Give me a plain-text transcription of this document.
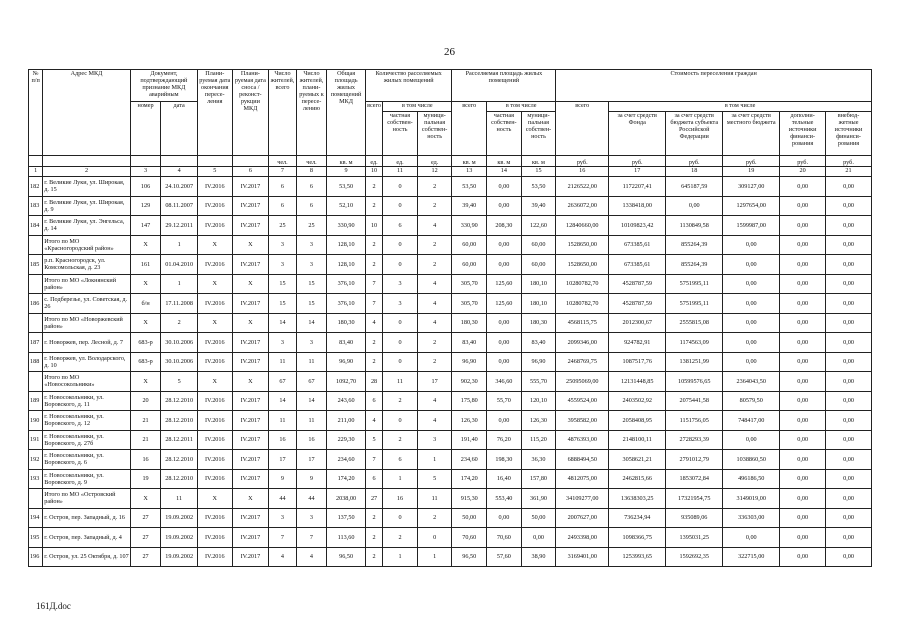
26
№ п/п	Адрес МКД	Документ, подтверждающий признание МКД аварийным		Плани- руемая дата окончания пересе- ления	Плани- руемая дата сноса / реконст- рукции МКД	Число жителей, всего	Число жителей, плани- руемых к пересе- лению	Общая площадь жилых помещений МКД	Количество расселяемых жилых помещений			Расселяемая площадь жилых помещений			Стоимость переселения граждан					
		номер	дата						всего	в том числе		всего	в том числе		всего	в том числе				
										частная собствен- ность	муници- пальная собствен- ность		частная собствен- ность	муници- пальная собствен- ность		за счет средств Фонда	за счет средств бюджета субъекта Российской Федерации	за счет средств местного бюджета	дополни- тельные источники финанси- рования	внебюд- жетные источники финанси- рования
						чел.	чел.	кв. м	ед.	ед.	ед.	кв. м	кв. м	кв. м	руб.	руб.	руб.	руб.	руб.	руб.
1	2	3	4	5	6	7	8	9	10	11	12	13	14	15	16	17	18	19	20	21
182	г. Великие Луки, ул. Широкая, д. 15	106	24.10.2007	IV.2016	IV.2017	6	6	53,50	2	0	2	53,50	0,00	53,50	2126522,00	1172207,41	645187,59	309127,00	0,00	0,00
183	г. Великие Луки, ул. Широкая, д. 9	129	08.11.2007	IV.2016	IV.2017	6	6	52,10	2	0	2	39,40	0,00	39,40	2636072,00	1338418,00	0,00	1297654,00	0,00	0,00
184	г. Великие Луки, ул. Энгельса, д. 14	147	29.12.2011	IV.2016	IV.2017	25	25	330,90	10	6	4	330,90	208,30	122,60	12840660,00	10109823,42	1130849,58	1599987,00	0,00	0,00
	Итого по МО «Красногородский район»	X	1	X	X	3	3	128,10	2	0	2	60,00	0,00	60,00	1528650,00	673385,61	855264,39	0,00	0,00	0,00
185	р.п. Красногородск, ул. Комсомольская, д. 23	161	01.04.2010	IV.2016	IV.2017	3	3	128,10	2	0	2	60,00	0,00	60,00	1528650,00	673385,61	855264,39	0,00	0,00	0,00
	Итого по МО «Локнянский район»	X	1	X	X	15	15	376,10	7	3	4	305,70	125,60	180,10	10280782,70	4528787,59	5751995,11	0,00	0,00	0,00
186	с. Подберезье, ул. Советская, д. 26	б/н	17.11.2008	IV.2016	IV.2017	15	15	376,10	7	3	4	305,70	125,60	180,10	10280782,70	4528787,59	5751995,11	0,00	0,00	0,00
	Итого по МО «Новоржевский район»	X	2	X	X	14	14	180,30	4	0	4	180,30	0,00	180,30	4568115,75	2012300,67	2555815,08	0,00	0,00	0,00
187	г. Новоржев, пер. Лесной, д. 7	683-р	30.10.2006	IV.2016	IV.2017	3	3	83,40	2	0	2	83,40	0,00	83,40	2099346,00	924782,91	1174563,09	0,00	0,00	0,00
188	г. Новоржев, ул. Володарского, д. 10	683-р	30.10.2006	IV.2016	IV.2017	11	11	96,90	2	0	2	96,90	0,00	96,90	2468769,75	1087517,76	1381251,99	0,00	0,00	0,00
	Итого по МО «Новосокольники»	X	5	X	X	67	67	1092,70	28	11	17	902,30	346,60	555,70	25095069,00	12131448,85	10599576,65	2364043,50	0,00	0,00
189	г. Новосокольники, ул. Воровского, д. 11	20	28.12.2010	IV.2016	IV.2017	14	14	243,60	6	2	4	175,80	55,70	120,10	4559524,00	2403502,92	2075441,58	80579,50	0,00	0,00
190	г. Новосокольники, ул. Воровского, д. 12	21	28.12.2010	IV.2016	IV.2017	11	11	211,00	4	0	4	126,30	0,00	126,30	3958582,00	2058408,95	1151756,05	748417,00	0,00	0,00
191	г. Новосокольники, ул. Воровского, д. 27б	21	28.12.2011	IV.2016	IV.2017	16	16	229,30	5	2	3	191,40	76,20	115,20	4876393,00	2148100,11	2728293,39	0,00	0,00	0,00
192	г. Новосокольники, ул. Воровского, д. 6	16	28.12.2010	IV.2016	IV.2017	17	17	234,60	7	6	1	234,60	198,30	36,30	6888494,50	3058621,21	2791012,79	1038860,50	0,00	0,00
193	г. Новосокольники, ул. Воровского, д. 9	19	28.12.2010	IV.2016	IV.2017	9	9	174,20	6	1	5	174,20	16,40	157,80	4812075,00	2462815,66	1853072,84	496186,50	0,00	0,00
	Итого по МО «Островский район»	X	11	X	X	44	44	2038,00	27	16	11	915,30	553,40	361,90	34109277,00	13638303,25	17321954,75	3149019,00	0,00	0,00
194	г. Остров, пер. Западный, д. 16	27	19.09.2002	IV.2016	IV.2017	3	3	137,50	2	0	2	50,00	0,00	50,00	2007627,00	736234,94	935089,06	336303,00	0,00	0,00
195	г. Остров, пер. Западный, д. 4	27	19.09.2002	IV.2016	IV.2017	7	7	113,60	2	2	0	70,60	70,60	0,00	2493398,00	1098366,75	1395031,25	0,00	0,00	0,00
196	г. Остров, ул. 25 Октября, д. 107	27	19.09.2002	IV.2016	IV.2017	4	4	96,50	2	1	1	96,50	57,60	38,90	3169401,00	1253993,65	1592692,35	322715,00	0,00	0,00
161Д.doc
